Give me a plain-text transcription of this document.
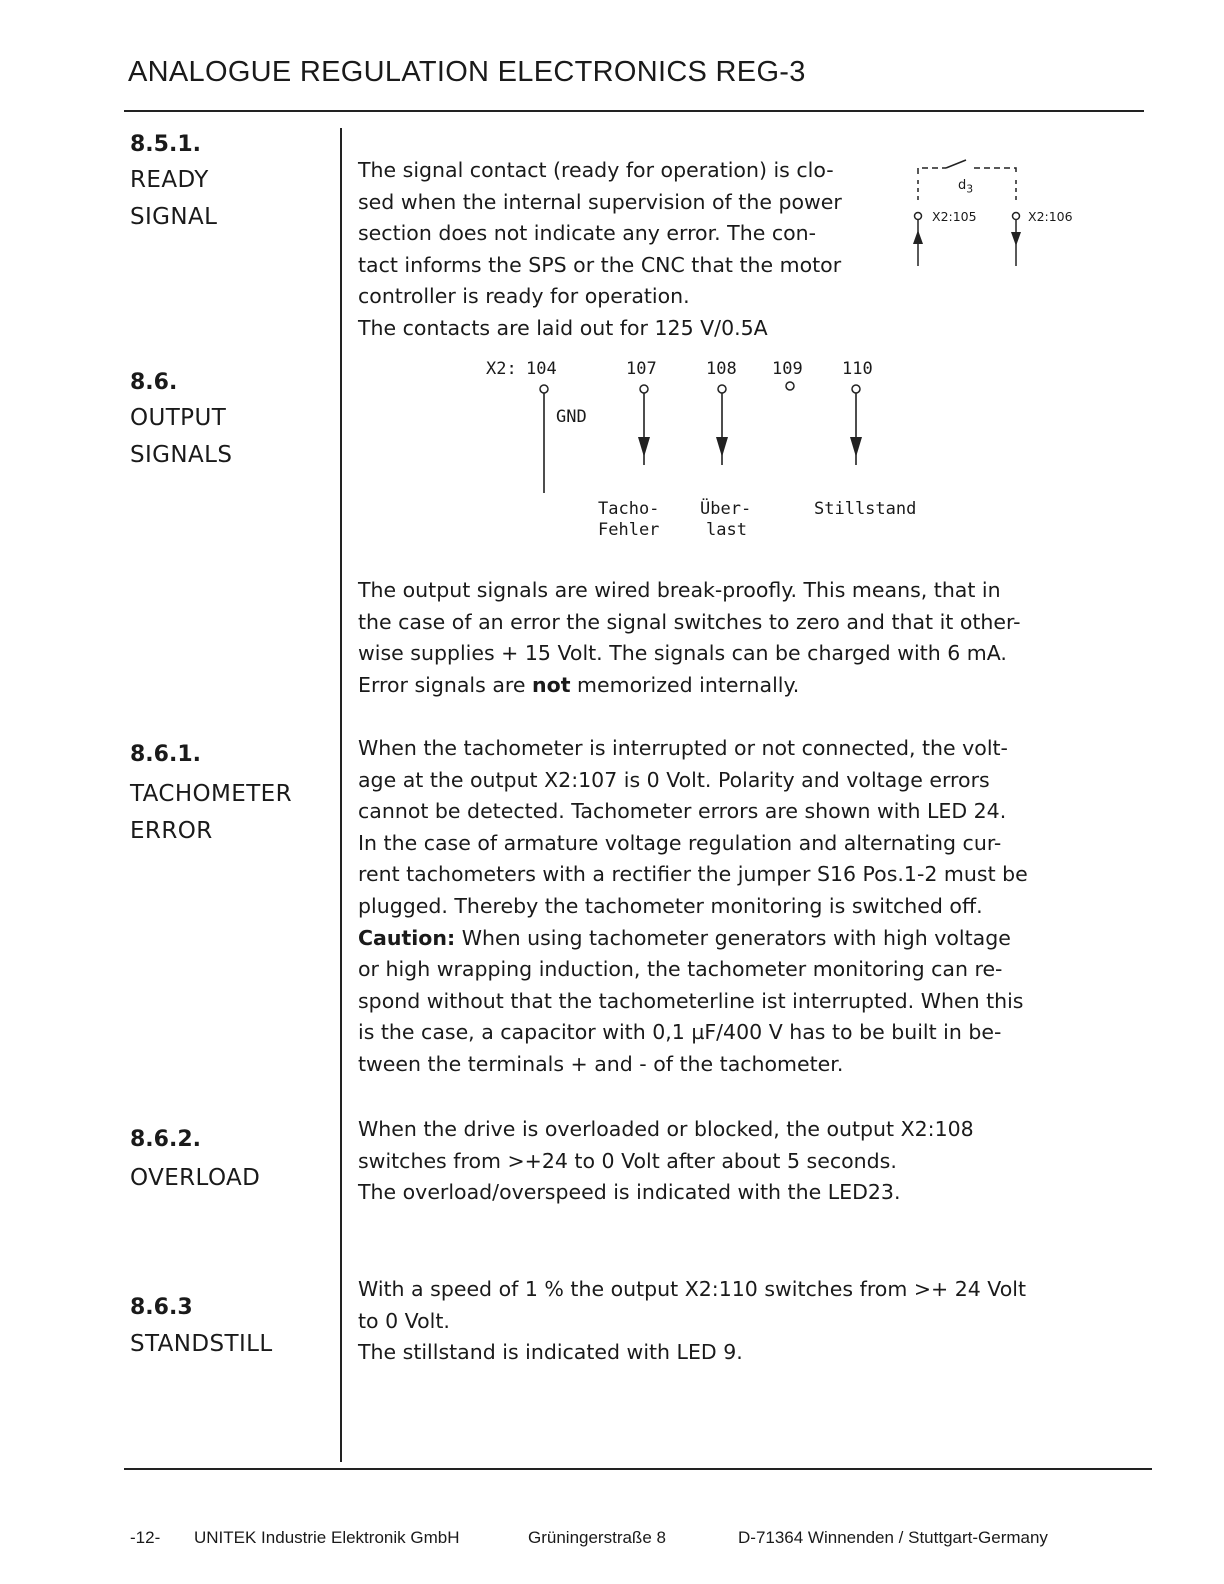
ANALOGUE REGULATION ELECTRONICS REG-3

8.5.1.

READY
SIGNAL

The signal contact (ready for operation) is clo-
sed when the internal supervision of the power
section does not indicate any error. The con-
tact informs the SPS or the CNC that the motor
controller is ready for operation.
The contacts are laid out for 125 V/0.5A
$d_3$
X2:105	X2:106

8.6.

OUTPUT
SIGNALS

X2: 104	107	108 109 110
GND
Tacho-
Fehler
Über-
last
Stillstand
The output signals are wired break-proofly. This means, that in
the case of an error the signal switches to zero and that it other-
wise supplies + 15 Volt. The signals can be charged with 6 mA.
Error signals are not memorized internally.

8.6.1.

TACHOMETER
ERROR

When the tachometer is interrupted or not connected, the volt-
age at the output X2:107 is 0 Volt. Polarity and voltage errors
cannot be detected. Tachometer errors are shown with LED 24.
In the case of armature voltage regulation and alternating cur-
rent tachometers with a rectifier the jumper S16 Pos.1-2 must be
plugged. Thereby the tachometer monitoring is switched off.
Caution: When using tachometer generators with high voltage
or high wrapping induction, the tachometer monitoring can re-
spond without that the tachometerline ist interrupted. When this
is the case, a capacitor with 0,1 µF/400 V has to be built in be-
tween the terminals + and - of the tachometer.

8.6.2.

OVERLOAD

When the drive is overloaded or blocked, the output X2:108
switches from >+24 to 0 Volt after about 5 seconds.
The overload/overspeed is indicated with the LED23.

8.6.3

STANDSTILL

With a speed of 1 % the output X2:110 switches from >+ 24 Volt
to 0 Volt.
The stillstand is indicated with LED 9.
-12- UNITEK Industrie Elektronik GmbH	Grüningerstraße 8	D-71364 Winnenden / Stuttgart-Germany
